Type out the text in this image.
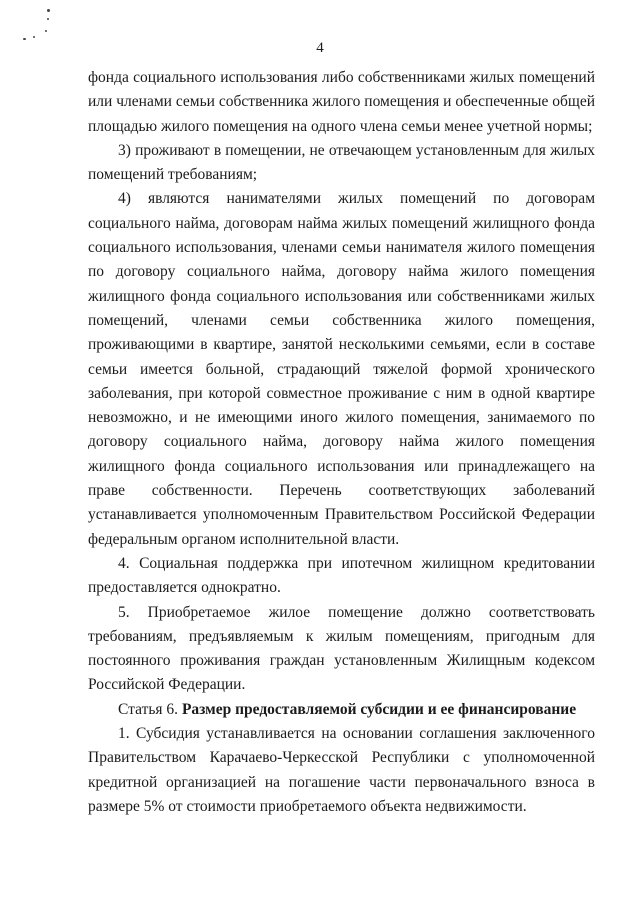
4

фонда социального использования либо собственниками жилых помещений или членами семьи собственника жилого помещения и обеспеченные общей площадью жилого помещения на одного члена семьи менее учетной нормы;

3) проживают в помещении, не отвечающем установленным для жилых помещений требованиям;

4) являются нанимателями жилых помещений по договорам социального найма, договорам найма жилых помещений жилищного фонда социального использования, членами семьи нанимателя жилого помещения по договору социального найма, договору найма жилого помещения жилищного фонда социального использования или собственниками жилых помещений, членами семьи собственника жилого помещения, проживающими в квартире, занятой несколькими семьями, если в составе семьи имеется больной, страдающий тяжелой формой хронического заболевания, при которой совместное проживание с ним в одной квартире невозможно, и не имеющими иного жилого помещения, занимаемого по договору социального найма, договору найма жилого помещения жилищного фонда социального использования или принадлежащего на праве собственности. Перечень соответствующих заболеваний устанавливается уполномоченным Правительством Российской Федерации федеральным органом исполнительной власти.

4. Социальная поддержка при ипотечном жилищном кредитовании предоставляется однократно.

5. Приобретаемое жилое помещение должно соответствовать требованиям, предъявляемым к жилым помещениям, пригодным для постоянного проживания граждан установленным Жилищным кодексом Российской Федерации.

Статья 6. Размер предоставляемой субсидии и ее финансирование

1. Субсидия устанавливается на основании соглашения заключенного Правительством Карачаево-Черкесской Республики с уполномоченной кредитной организацией на погашение части первоначального взноса в размере 5% от стоимости приобретаемого объекта недвижимости.
